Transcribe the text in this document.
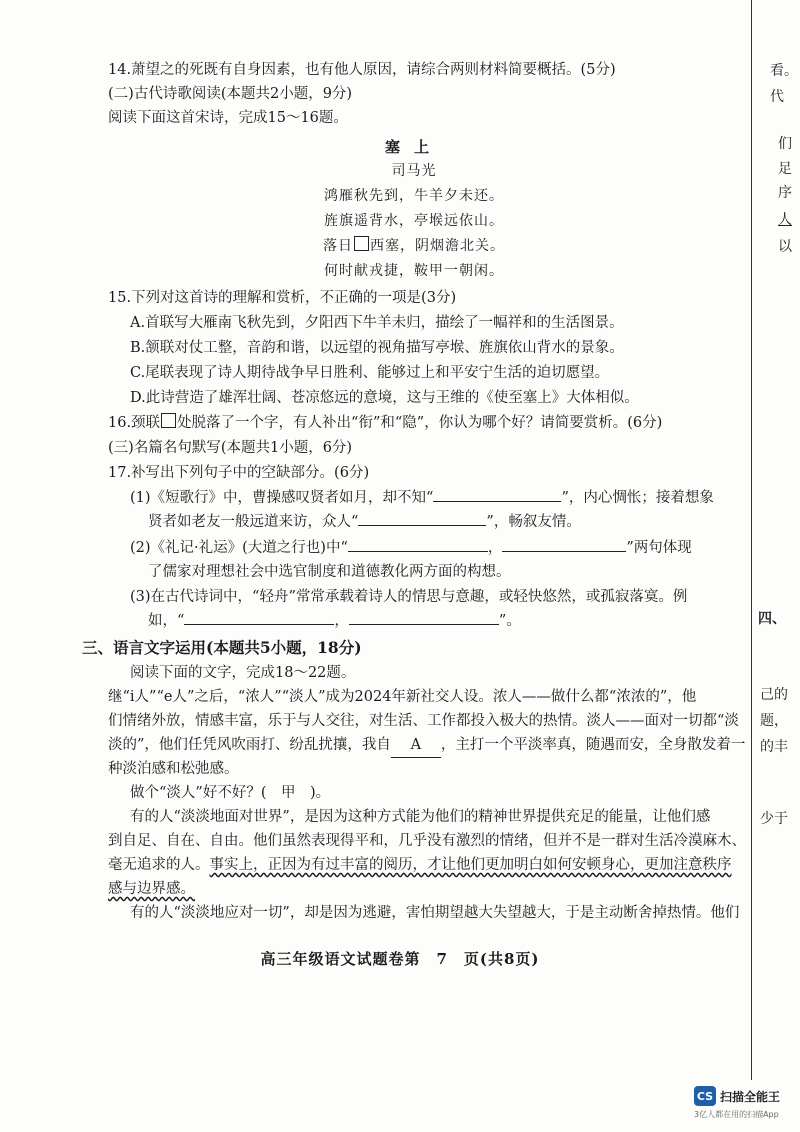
14.萧望之的死既有自身因素，也有他人原因，请综合两则材料简要概括。(5分)
(二)古代诗歌阅读(本题共2小题，9分)
阅读下面这首宋诗，完成15～16题。
塞上
司马光
鸿雁秋先到，牛羊夕未还。
旌旗遥背水，亭堠远依山。
落日 西塞，阴烟澹北关。
何时献戎捷，鞍甲一朝闲。
15.下列对这首诗的理解和赏析，不正确的一项是(3分)
A.首联写大雁南飞秋先到，夕阳西下牛羊未归，描绘了一幅祥和的生活图景。
B.颔联对仗工整，音韵和谐，以远望的视角描写亭堠、旌旗依山背水的景象。
C.尾联表现了诗人期待战争早日胜利、能够过上和平安宁生活的迫切愿望。
D.此诗营造了雄浑壮阔、苍凉悠远的意境，这与王维的《使至塞上》大体相似。
16.颈联 处脱落了一个字，有人补出“衔”和“隐”，你认为哪个好？请简要赏析。(6分)
(三)名篇名句默写(本题共1小题，6分)
17.补写出下列句子中的空缺部分。(6分)
(1)《短歌行》中，曹操感叹贤者如月，却不知“	”，内心惆怅；接着想象
贤者如老友一般远道来访，众人“	”，畅叙友情。
(2)《礼记·礼运》(大道之行也)中“	，	”两句体现
了儒家对理想社会中选官制度和道德教化两方面的构想。
(3)在古代诗词中，“轻舟”常常承载着诗人的情思与意趣，或轻快悠然，或孤寂落寞。例
如，“	，	”。
三、语言文字运用(本题共5小题，18分)
阅读下面的文字，完成18～22题。
继“i人”“e人”之后，“浓人”“淡人”成为2024年新社交人设。浓人——做什么都“浓浓的”，他
们情绪外放，情感丰富，乐于与人交往，对生活、工作都投入极大的热情。淡人——面对一切都“淡
淡的”，他们任凭风吹雨打、纷乱扰攘，我自 A ，主打一个平淡率真，随遇而安，全身散发着一
种淡泊感和松弛感。
做个“淡人”好不好？(　甲　)。
有的人“淡淡地面对世界”，是因为这种方式能为他们的精神世界提供充足的能量，让他们感
到自足、自在、自由。他们虽然表现得平和，几乎没有激烈的情绪，但并不是一群对生活冷漠麻木、
毫无追求的人。事实上，正因为有过丰富的阅历，才让他们更加明白如何安顿身心，更加注意秩序
感与边界感。
有的人“淡淡地应对一切”，却是因为逃避，害怕期望越大失望越大，于是主动断舍掉热情。他们
高三年级语文试题卷第　7　页(共8页)
看。
代
们
足
序
人
以
四、
己的
题，
的丰
少于
CS 扫描全能王
3亿人都在用的扫描App
